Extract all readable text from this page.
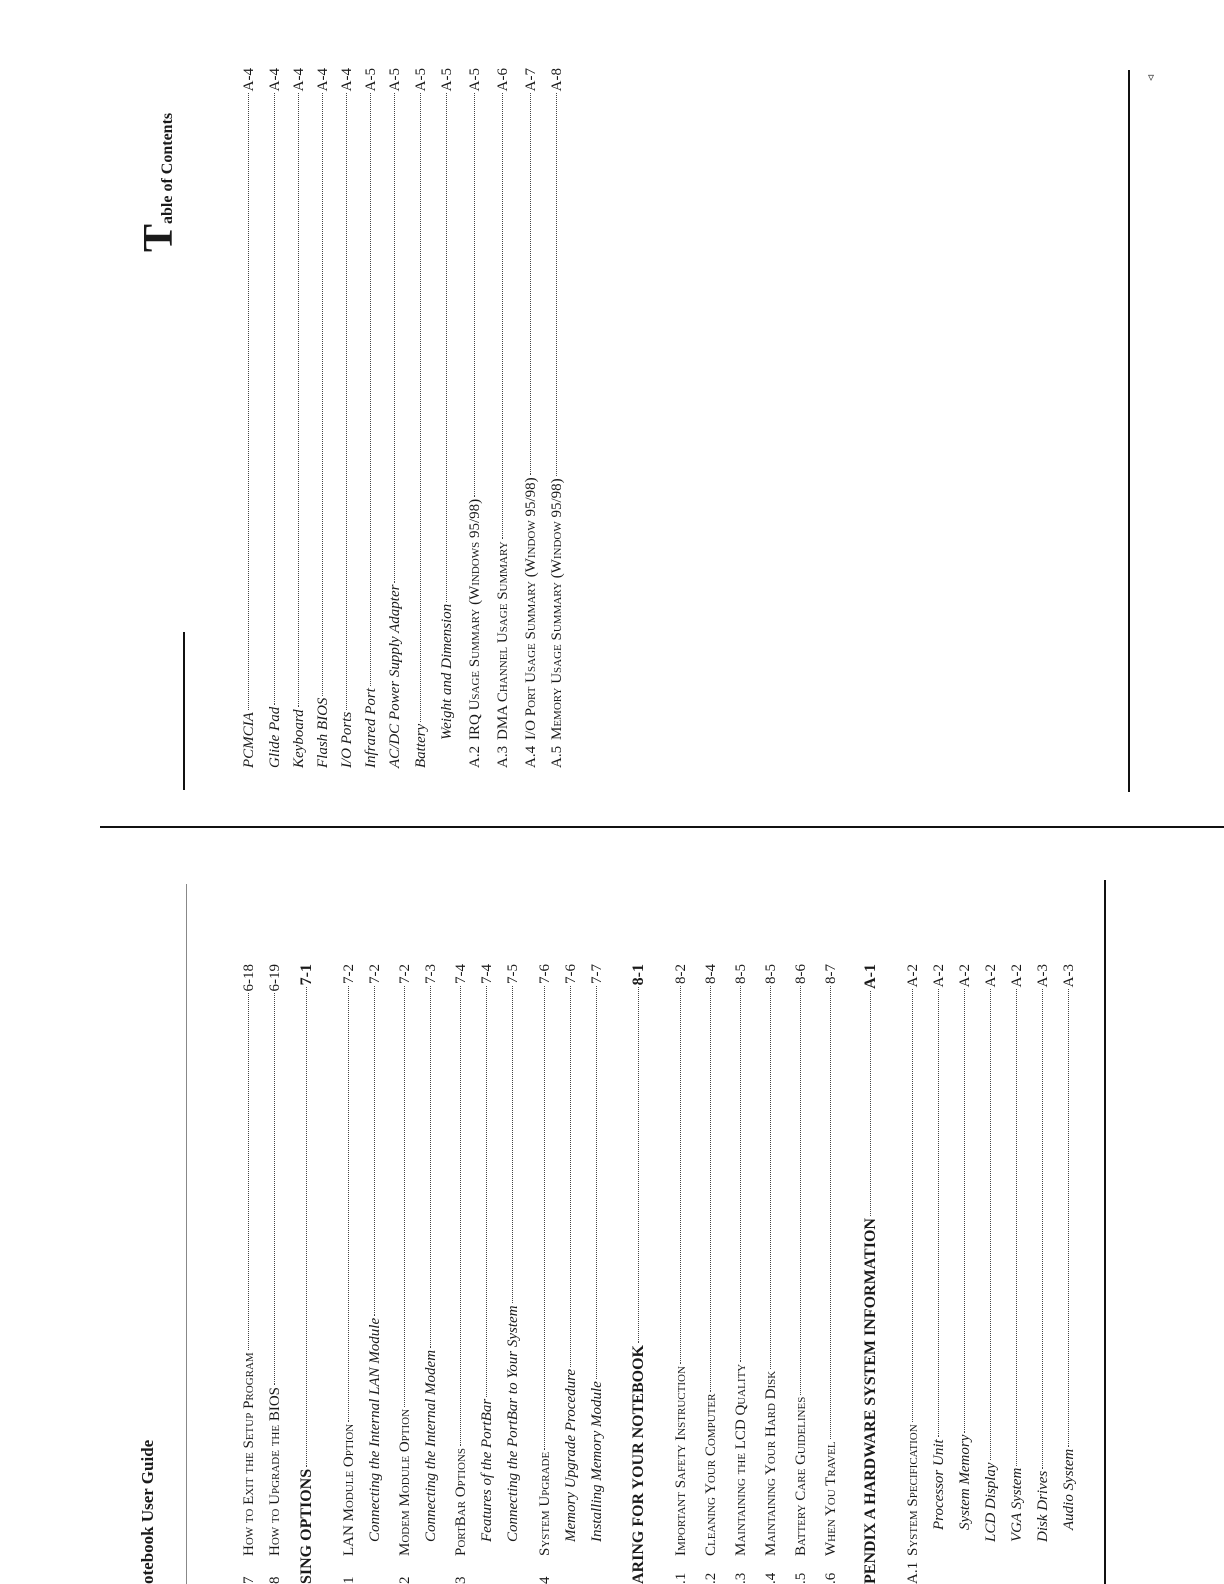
▿
otebook User Guide	7
How to Exit the Setup Program
6-18
8
How to Upgrade the BIOS
6-19
SING OPTIONS
7-1
1
LAN Module Option
7-2
Connecting the Internal LAN Module
7-2
2
Modem Module Option
7-2
Connecting the Internal Modem
7-3
3
PortBar Options
7-4
Features of the PortBar
7-4
Connecting the PortBar to Your System
7-5
4
System Upgrade
7-6
Memory Upgrade Procedure
7-6
Installing Memory Module
7-7
ARING FOR YOUR NOTEBOOK
8-1
.1
Important Safety Instruction
8-2
.2
Cleaning Your Computer
8-4
.3
Maintaining the LCD Quality
8-5
.4
Maintaining Your Hard Disk
8-5
.5
Battery Care Guidelines
8-6
.6
When You Travel
8-7
PENDIX A HARDWARE SYSTEM INFORMATION
A-1
A.1
System Specification
A-2
Processor Unit
A-2
System Memory
A-2
LCD Display
A-2
VGA System
A-2
Disk Drives
A-3
Audio System
A-3
Table of Contents
PCMCIA
A-4
Glide Pad
A-4
Keyboard
A-4
Flash BIOS
A-4
I/O Ports
A-4
Infrared Port
A-5
AC/DC Power Supply Adapter
A-5
Battery
A-5
Weight and Dimension
A-5
A.2
IRQ Usage Summary (Windows 95/98)
A-5
A.3
DMA Channel Usage Summary
A-6
A.4
I/O Port Usage Summary (Window 95/98)
A-7
A.5
Memory Usage Summary (Window 95/98)
A-8
